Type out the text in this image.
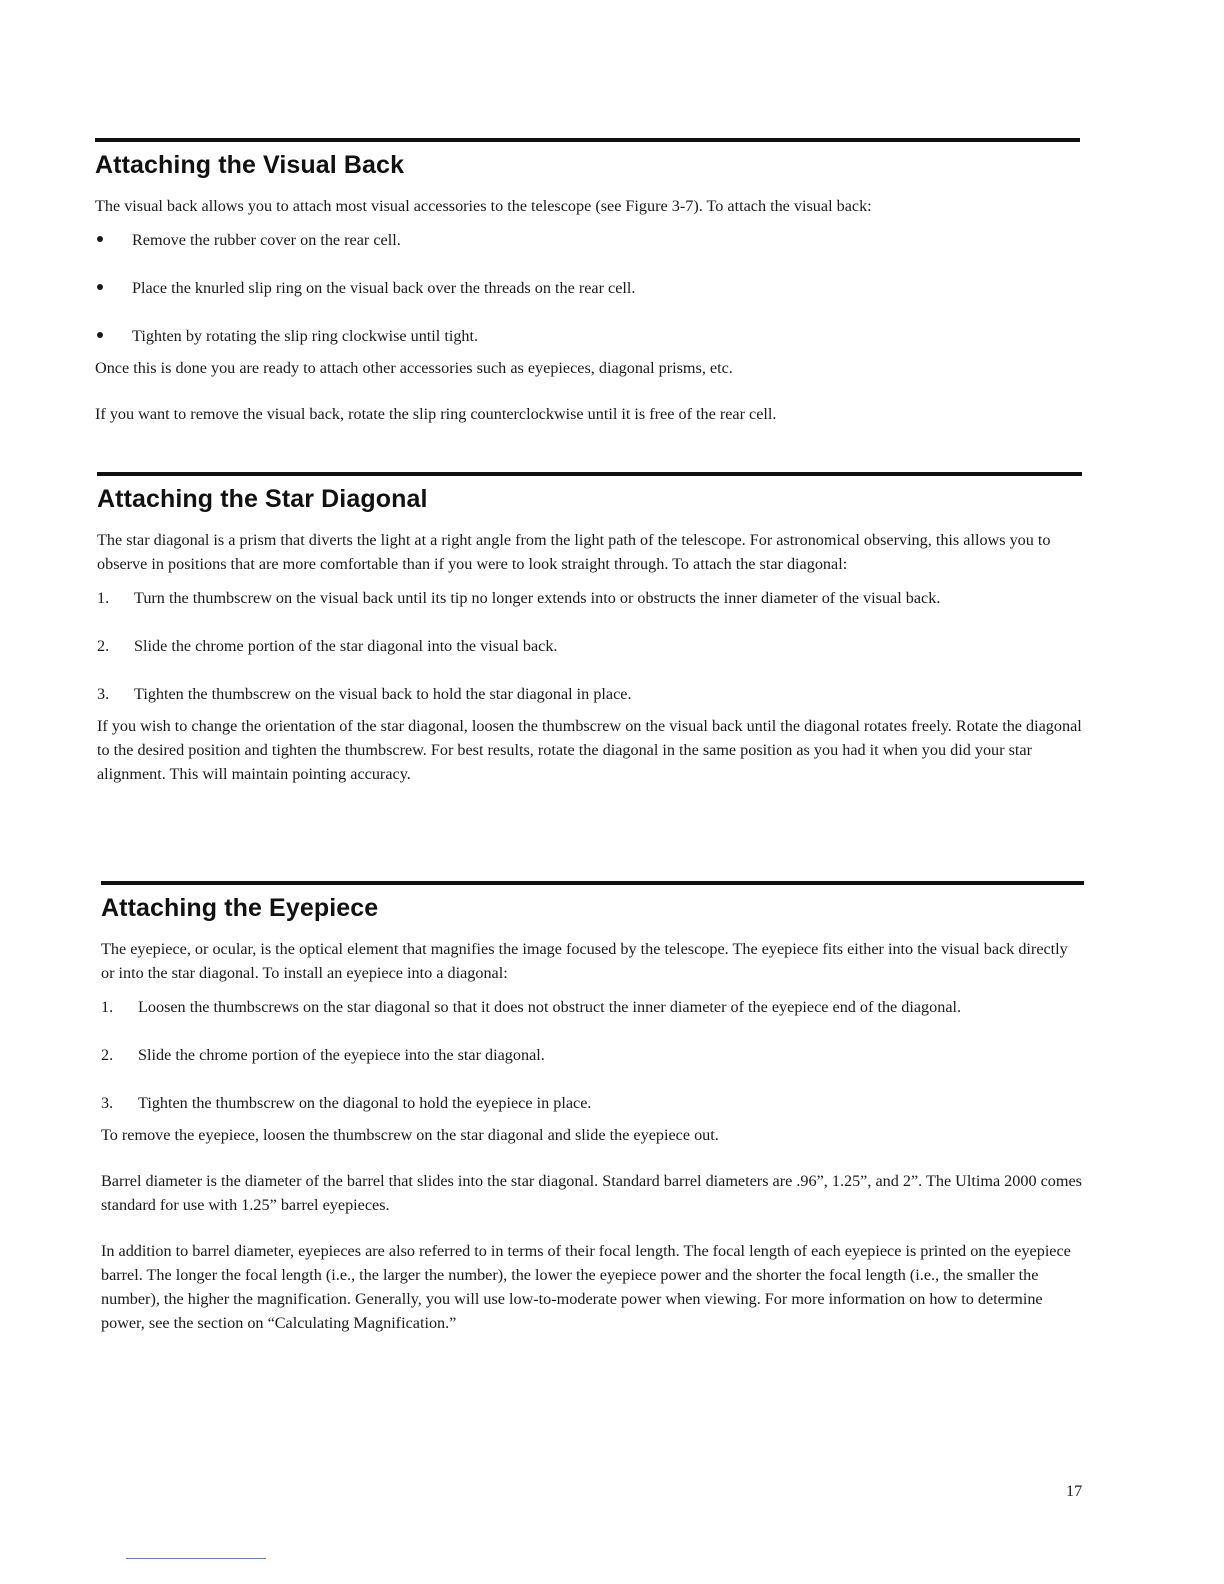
Attaching the Visual Back

The visual back allows you to attach most visual accessories to the telescope (see Figure 3-7). To attach the visual back:

Remove the rubber cover on the rear cell.
Place the knurled slip ring on the visual back over the threads on the rear cell.
Tighten by rotating the slip ring clockwise until tight.

Once this is done you are ready to attach other accessories such as eyepieces, diagonal prisms, etc.

If you want to remove the visual back, rotate the slip ring counterclockwise until it is free of the rear cell.

Attaching the Star Diagonal

The star diagonal is a prism that diverts the light at a right angle from the light path of the telescope. For astronomical observing, this allows you to observe in positions that are more comfortable than if you were to look straight through. To attach the star diagonal:

1.	Turn the thumbscrew on the visual back until its tip no longer extends into or obstructs the inner diameter of the visual back.
2.	Slide the chrome portion of the star diagonal into the visual back.
3.	Tighten the thumbscrew on the visual back to hold the star diagonal in place.

If you wish to change the orientation of the star diagonal, loosen the thumbscrew on the visual back until the diagonal rotates freely. Rotate the diagonal to the desired position and tighten the thumbscrew. For best results, rotate the diagonal in the same position as you had it when you did your star alignment. This will maintain pointing accuracy.

Attaching the Eyepiece

The eyepiece, or ocular, is the optical element that magnifies the image focused by the telescope. The eyepiece fits either into the visual back directly or into the star diagonal. To install an eyepiece into a diagonal:

1.	Loosen the thumbscrews on the star diagonal so that it does not obstruct the inner diameter of the eyepiece end of the diagonal.
2.	Slide the chrome portion of the eyepiece into the star diagonal.
3.	Tighten the thumbscrew on the diagonal to hold the eyepiece in place.

To remove the eyepiece, loosen the thumbscrew on the star diagonal and slide the eyepiece out.

Barrel diameter is the diameter of the barrel that slides into the star diagonal. Standard barrel diameters are .96”, 1.25”, and 2”. The Ultima 2000 comes standard for use with 1.25” barrel eyepieces.

In addition to barrel diameter, eyepieces are also referred to in terms of their focal length. The focal length of each eyepiece is printed on the eyepiece barrel. The longer the focal length (i.e., the larger the number), the lower the eyepiece power and the shorter the focal length (i.e., the smaller the number), the higher the magnification. Generally, you will use low-to-moderate power when viewing. For more information on how to determine power, see the section on “Calculating Magnification.”

17
